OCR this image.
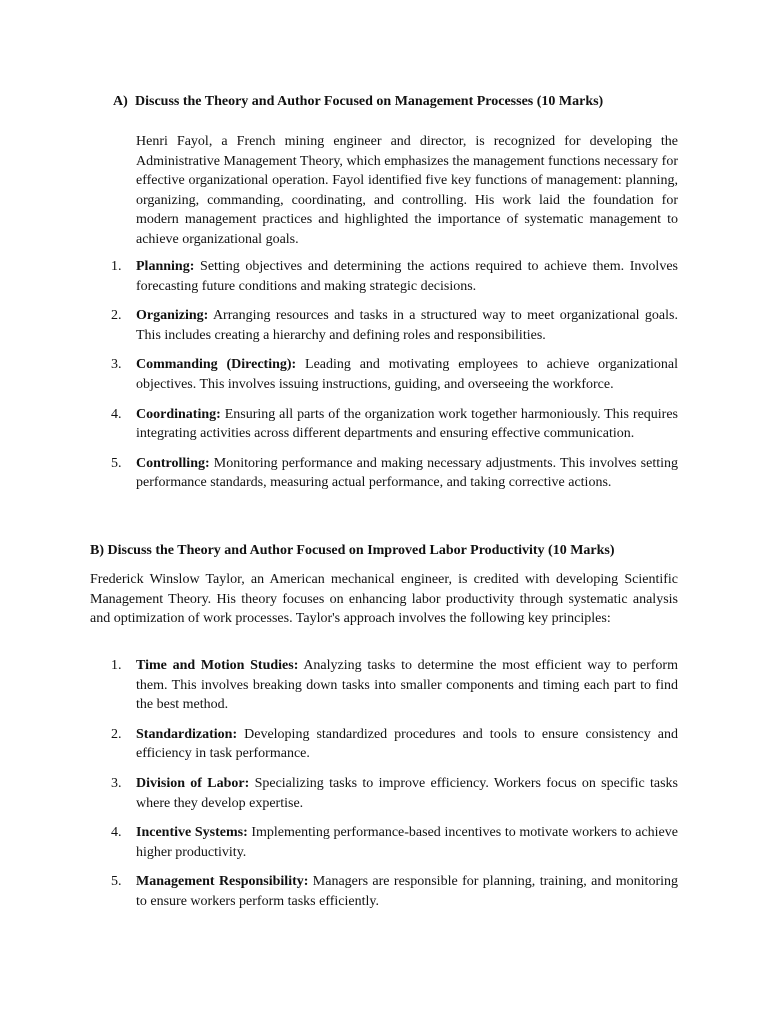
A) Discuss the Theory and Author Focused on Management Processes (10 Marks)
Henri Fayol, a French mining engineer and director, is recognized for developing the Administrative Management Theory, which emphasizes the management functions necessary for effective organizational operation. Fayol identified five key functions of management: planning, organizing, commanding, coordinating, and controlling. His work laid the foundation for modern management practices and highlighted the importance of systematic management to achieve organizational goals.
1.	Planning: Setting objectives and determining the actions required to achieve them. Involves forecasting future conditions and making strategic decisions.
2.	Organizing: Arranging resources and tasks in a structured way to meet organizational goals. This includes creating a hierarchy and defining roles and responsibilities.
3.	Commanding (Directing): Leading and motivating employees to achieve organizational objectives. This involves issuing instructions, guiding, and overseeing the workforce.
4.	Coordinating: Ensuring all parts of the organization work together harmoniously. This requires integrating activities across different departments and ensuring effective communication.
5.	Controlling: Monitoring performance and making necessary adjustments. This involves setting performance standards, measuring actual performance, and taking corrective actions.
B) Discuss the Theory and Author Focused on Improved Labor Productivity (10 Marks)
Frederick Winslow Taylor, an American mechanical engineer, is credited with developing Scientific Management Theory. His theory focuses on enhancing labor productivity through systematic analysis and optimization of work processes. Taylor's approach involves the following key principles:
1.	Time and Motion Studies: Analyzing tasks to determine the most efficient way to perform them. This involves breaking down tasks into smaller components and timing each part to find the best method.
2.	Standardization: Developing standardized procedures and tools to ensure consistency and efficiency in task performance.
3.	Division of Labor: Specializing tasks to improve efficiency. Workers focus on specific tasks where they develop expertise.
4.	Incentive Systems: Implementing performance-based incentives to motivate workers to achieve higher productivity.
5.	Management Responsibility: Managers are responsible for planning, training, and monitoring to ensure workers perform tasks efficiently.
